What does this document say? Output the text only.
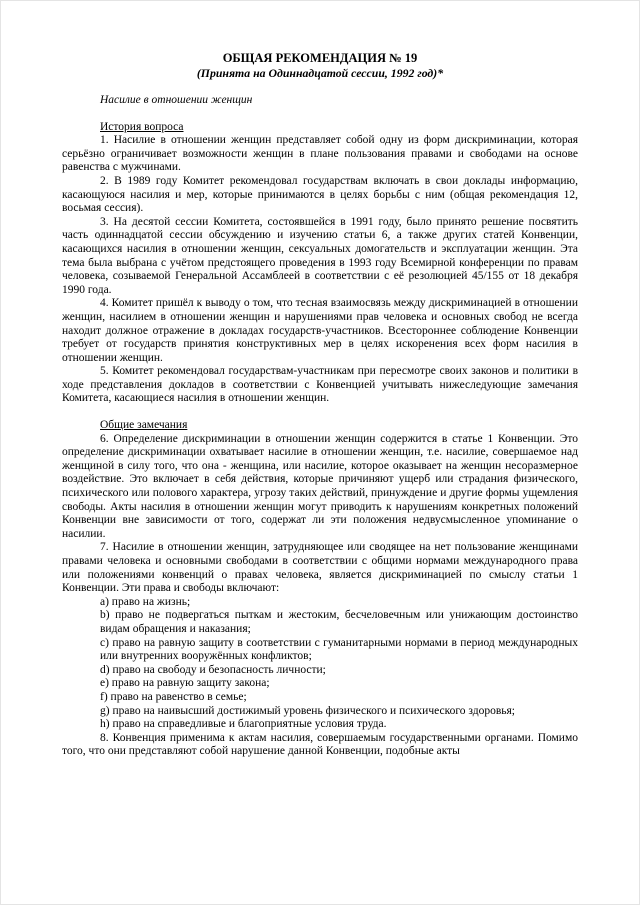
ОБЩАЯ РЕКОМЕНДАЦИЯ № 19
(Принята на Одиннадцатой сессии, 1992 год)*

Насилие в отношении женщин

История вопроса

1. Насилие в отношении женщин представляет собой одну из форм дискриминации, которая серьёзно ограничивает возможности женщин в плане пользования правами и свободами на основе равенства с мужчинами.

2. В 1989 году Комитет рекомендовал государствам включать в свои доклады информацию, касающуюся насилия и мер, которые принимаются в целях борьбы с ним (общая рекомендация 12, восьмая сессия).

3. На десятой сессии Комитета, состоявшейся в 1991 году, было принято решение посвятить часть одиннадцатой сессии обсуждению и изучению статьи 6, а также других статей Конвенции, касающихся насилия в отношении женщин, сексуальных домогательств и эксплуатации женщин. Эта тема была выбрана с учётом предстоящего проведения в 1993 году Всемирной конференции по правам человека, созываемой Генеральной Ассамблеей в соответствии с её резолюцией 45/155 от 18 декабря 1990 года.

4. Комитет пришёл к выводу о том, что тесная взаимосвязь между дискриминацией в отношении женщин, насилием в отношении женщин и нарушениями прав человека и основных свобод не всегда находит должное отражение в докладах государств-участников. Всестороннее соблюдение Конвенции требует от государств принятия конструктивных мер в целях искоренения всех форм насилия в отношении женщин.

5. Комитет рекомендовал государствам-участникам при пересмотре своих законов и политики в ходе представления докладов в соответствии с Конвенцией учитывать нижеследующие замечания Комитета, касающиеся насилия в отношении женщин.

Общие замечания

6. Определение дискриминации в отношении женщин содержится в статье 1 Конвенции. Это определение дискриминации охватывает насилие в отношении женщин, т.е. насилие, совершаемое над женщиной в силу того, что она - женщина, или насилие, которое оказывает на женщин несоразмерное воздействие. Это включает в себя действия, которые причиняют ущерб или страдания физического, психического или полового характера, угрозу таких действий, принуждение и другие формы ущемления свободы. Акты насилия в отношении женщин могут приводить к нарушениям конкретных положений Конвенции вне зависимости от того, содержат ли эти положения недвусмысленное упоминание о насилии.

7. Насилие в отношении женщин, затрудняющее или сводящее на нет пользование женщинами правами человека и основными свободами в соответствии с общими нормами международного права или положениями конвенций о правах человека, является дискриминацией по смыслу статьи 1 Конвенции. Эти права и свободы включают:

a) право на жизнь;

b) право не подвергаться пыткам и жестоким, бесчеловечным или унижающим достоинство видам обращения и наказания;

c) право на равную защиту в соответствии с гуманитарными нормами в период международных или внутренних вооружённых конфликтов;

d) право на свободу и безопасность личности;

e) право на равную защиту закона;

f) право на равенство в семье;

g) право на наивысший достижимый уровень физического и психического здоровья;

h) право на справедливые и благоприятные условия труда.

8. Конвенция применима к актам насилия, совершаемым государственными органами. Помимо того, что они представляют собой нарушение данной Конвенции, подобные акты
